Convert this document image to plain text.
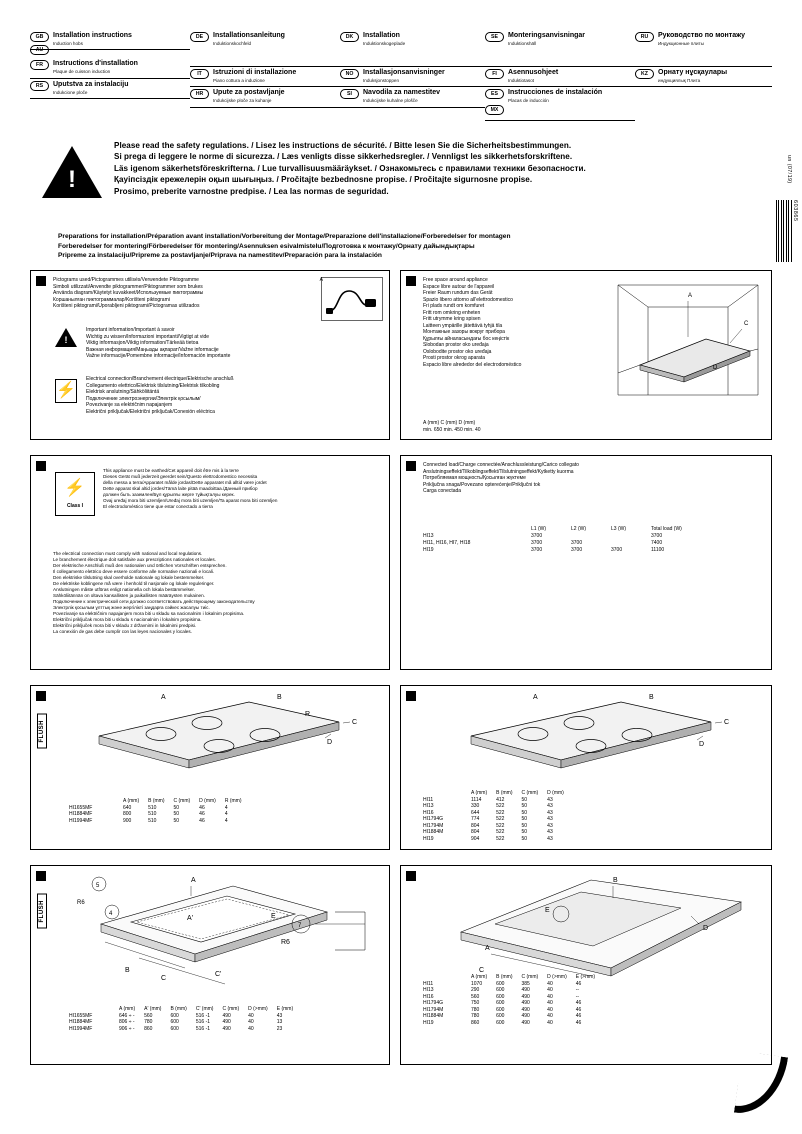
GB	Installation instructions
Induction hobs
AU
FR	Instructions d'installation
Plaque de cuisson induction
RS	Uputstva za instalaciju
Indukcione ploče
DE	Installationsanleitung
Induktionskochfeld
IT	Istruzioni di installazione
Piano cottura a induzione
HR	Upute za postavljanje
Indukcijske ploče za kuhanje
DK	Installation
Induktionskogeplade
NO	Installasjonsanvisninger
Induksjonstoppen
SI	Navodila za namestitev
Indukcijske kuhalne plošče
SE	Monteringsanvisningar
Induktionshäll
FI	Asennusohjeet
Induktiotasot
ES	Instrucciones de instalación
Placas de inducción
MX
RU	Руководство по монтажу
Индукционные плиты
KZ	Орнату нұсқаулары
индукциялық Плита
!
Please read the safety regulations. / Lisez les instructions de sécurité. / Bitte lesen Sie die Sicherheitsbestimmungen.
Si prega di leggere le norme di sicurezza. / Læs venligts disse sikkerhedsregler. / Vennligst les sikkerhetsforskriftene.
Läs igenom säkerhetsföreskrifterna. / Lue turvallisuusmääräykset. / Ознакомьтесь с правилами техники безопасности.
Қауіпсіздік ережелерін оқып шығыңыз. / Pročitajte bezbednosne propise. / Pročitajte sigurnosne propise.
Prosimo, preberite varnostne predpise. / Lea las normas de seguridad.
Preparations for installation/Préparation avant installation/Vorbereitung der Montage/Preparazione dell'installazione/Forberedelser for montagen
Forberedelser for montering/Förberedelser för montering/Asennuksen esivalmistelu/Подготовка к монтажу/Орнату дайындықтары
Pripreme za instalaciju/Pripreme za postavljanje/Priprava na namestitev/Preparación para la instalación
un (07/19)
603865
Pictograms used/Pictogrammes utilisés/Verwendete Piktogramme
Simboli utilizzati/Anvendte piktogrammer/Piktogrammer som brukes
Använda diagram/Käytetyt kuvakkeet/Используемые пиктограммы
Коршанылған пиктограммалар/Korišteni piktogrami
Korišteni piktogrami/Uporabljeni piktogrami/Pictogramas utilizados
A
!
Important information/Important à savoir
Wichtig zu wissen/Informazioni importanti/Vigtigt at vide
Viktig informasjon/Viktig information/Tärkeää tietoa
Важная информация/Маңызды ақпарат/Važne informacije
Važne informacije/Pomembne informacije/Información importante
⚡
Electrical connection/Branchement électrique/Elektrische anschluß
Collegamento elettrico/Elektrisk tilslutning/Elektrisk tilkobling
Elektrisk anslutning/Sähköliitäntä
Подключение электроэнергии/Электрік қосылым/
Povezivanje sa električnim napajanjem
Električni priključak/Električni priključak/Conexión eléctrica
Free space around appliance
Espace libre autour de l'appareil
Freier Raum rundum das Gerät
Spazio libero attorno all'elettrodomestico
Fri plads rundt om komfuret
Fritt rom omkring enheten
Fritt utrymme kring spisen
Laitteen ympärille jätettävä tyhjä tila
Монтажные зазоры вокруг прибора
Құрылғы айналасындағы бос кеңістік
Slobodan prostor oko uređaja
Oslobodite prostor oko uređaja
Prosti prostor okrog aparata
Espacio libre alrededor del electrodoméstico
A
C
D
A (mm) C (mm) D (mm)
min. 650 min. 450 min. 40
⚡
Class I
This appliance must be earthed/Cet appareil doit être mis à la terre
Dieses Gerät muß jederzeit geerdet sein/Questo elettrodomestico necessita
della messa a terra/Apparatet målde jordas/Dette apparatet må alltid være jordet
Dette apparat skal altid jordes/Tämä laite pitää maadoittaa./Данный прибор
должен быть заземлен/Бұл құрылғы жерге тұйықталуы керек.
Ovaj uređaj mora biti uzemljen/Uređaj mora biti uzemljen/Ta aparat mora biti ozemljen
El electrodoméstico tiene que estar conectado a tierra
The electrical connection must comply with national and local regulations.
Le branchement électrique doit satisfaire aux prescriptions nationales et locales.
Der elektrische Anschluß muß den nationalen und örtlichen Vorschriften entsprechen.
Il collegamento elettrico deve essere conforme alle normative nazionali e locali.
Den elektriske tilslutning skal overholde nationale og lokale bestemmelser.
De elektriske koblingene må være i henhold til nasjonale og lokale reguleringer.
Anslutningen måste utföras enligt nationella och lokala bestämmelser.
Sähköliitännän on oltava kansallisten ja paikallisten määräysten mukainen.
Подключение к электрической сети должно соответствовать действующему законодательству
Электрлік қосылым ұлттық және жергілікті заңдарға сәйкес жасалуы тиіс.
Povezivanje sa električnim napajanjem mora biti u skladu sa nacionalnim i lokalnim propisima.
Električni priključak mora biti u skladu s nacionalnim i lokalnim propisima.
Električni priključek mora biti v skladu z državnimi in lokalnimi predpisi.
La conexión de gas debe cumplir con las leyes nacionales y locales.
Connected load/Charge connectée/Anschlussleistung/Carico collegato
Anslutningseffekt/Tilkoblingseffekt/Tilslutningseffekt/Kytketty kuorma
Потребляемая мощность/Қосылған жүктеме
Priključna snaga/Povezano opterećenje/Priključni tok
Carga conectada
	L1 (W)	L2 (W)	L3 (W)	Total load (W)
HI13	3700			3700
HI11, HI16, HI7, HI18	3700	3700		7400
HI19	3700	3700	3700	11100
FLUSH
A	B
C
D
R
	A (mm)	B (mm)	C (mm)	D (mm)	R (mm)
HI1655MF	640	510	50	46	4
HI1884MF	800	510	50	46	4
HI1994MF	900	510	50	46	4
A	B
C
D
	A (mm)	B (mm)	C (mm)	D (mm)
HI11	1114	412	50	43
HI13	330	522	50	43
HI16	644	522	50	43
HI1794G	774	522	50	43
HI1794M	804	522	50	43
HI1884M	804	522	50	43
HI19	904	522	50	43
FLUSH
5
R6
4
7
E
R6
A
A'
B
C
C'
	A (mm)	A' (mm)	B (mm)	C' (mm)	C (mm)	D (>mm)	E (mm)
HI1655MF	646 ÷ -	560	600	516 -1	490	40	43
HI1884MF	806 ÷ -	780	600	516 -1	490	40	13
HI1994MF	906 ÷ -	860	600	516 -1	490	40	23
E
B
A
C
D
	A (mm)	B (mm)	C (mm)	D (>mm)	E (>mm)
HI11	1070	600	385	40	46
HI13	290	600	490	40	--
HI16	560	600	490	40	--
HI1794G	750	600	490	40	46
HI1794M	780	600	490	40	46
HI1884M	780	600	490	40	46
HI19	860	600	490	40	46
